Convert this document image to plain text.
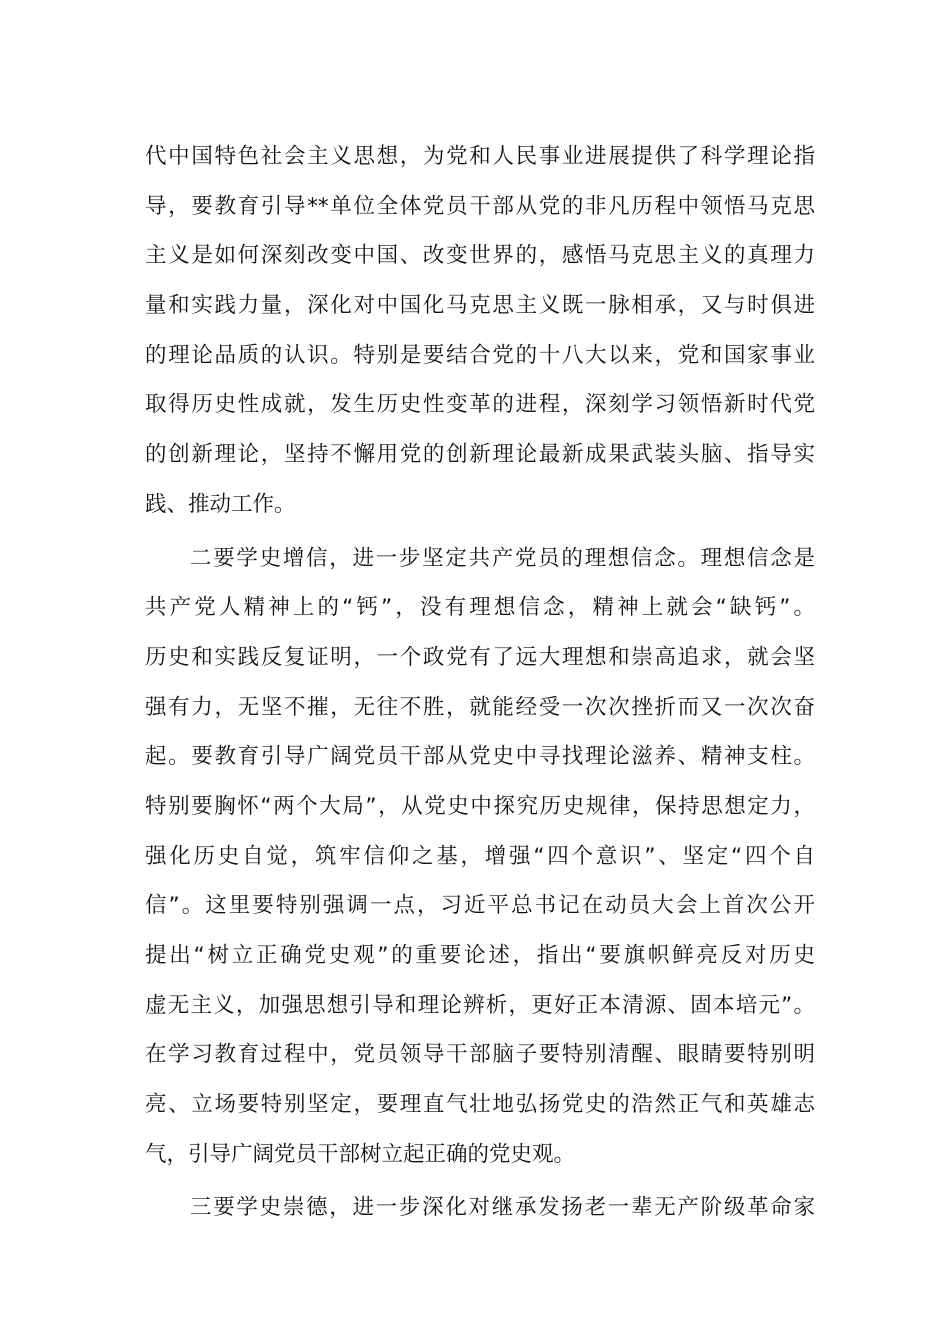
代中国特色社会主义思想，为党和人民事业进展提供了科学理论指
导，要教育引导**单位全体党员干部从党的非凡历程中领悟马克思
主义是如何深刻改变中国、改变世界的，感悟马克思主义的真理力
量和实践力量，深化对中国化马克思主义既一脉相承，又与时俱进
的理论品质的认识。特别是要结合党的十八大以来，党和国家事业
取得历史性成就，发生历史性变革的进程，深刻学习领悟新时代党
的创新理论，坚持不懈用党的创新理论最新成果武装头脑、指导实
践、推动工作。
二要学史增信，进一步坚定共产党员的理想信念。理想信念是
共产党人精神上的“钙”，没有理想信念，精神上就会“缺钙”。
历史和实践反复证明，一个政党有了远大理想和崇高追求，就会坚
强有力，无坚不摧，无往不胜，就能经受一次次挫折而又一次次奋
起。要教育引导广阔党员干部从党史中寻找理论滋养、精神支柱。
特别要胸怀“两个大局”，从党史中探究历史规律，保持思想定力，
强化历史自觉，筑牢信仰之基，增强“四个意识”、坚定“四个自
信”。这里要特别强调一点，习近平总书记在动员大会上首次公开
提出“树立正确党史观”的重要论述，指出“要旗帜鲜亮反对历史
虚无主义，加强思想引导和理论辨析，更好正本清源、固本培元”。
在学习教育过程中，党员领导干部脑子要特别清醒、眼睛要特别明
亮、立场要特别坚定，要理直气壮地弘扬党史的浩然正气和英雄志
气，引导广阔党员干部树立起正确的党史观。
三要学史崇德，进一步深化对继承发扬老一辈无产阶级革命家
